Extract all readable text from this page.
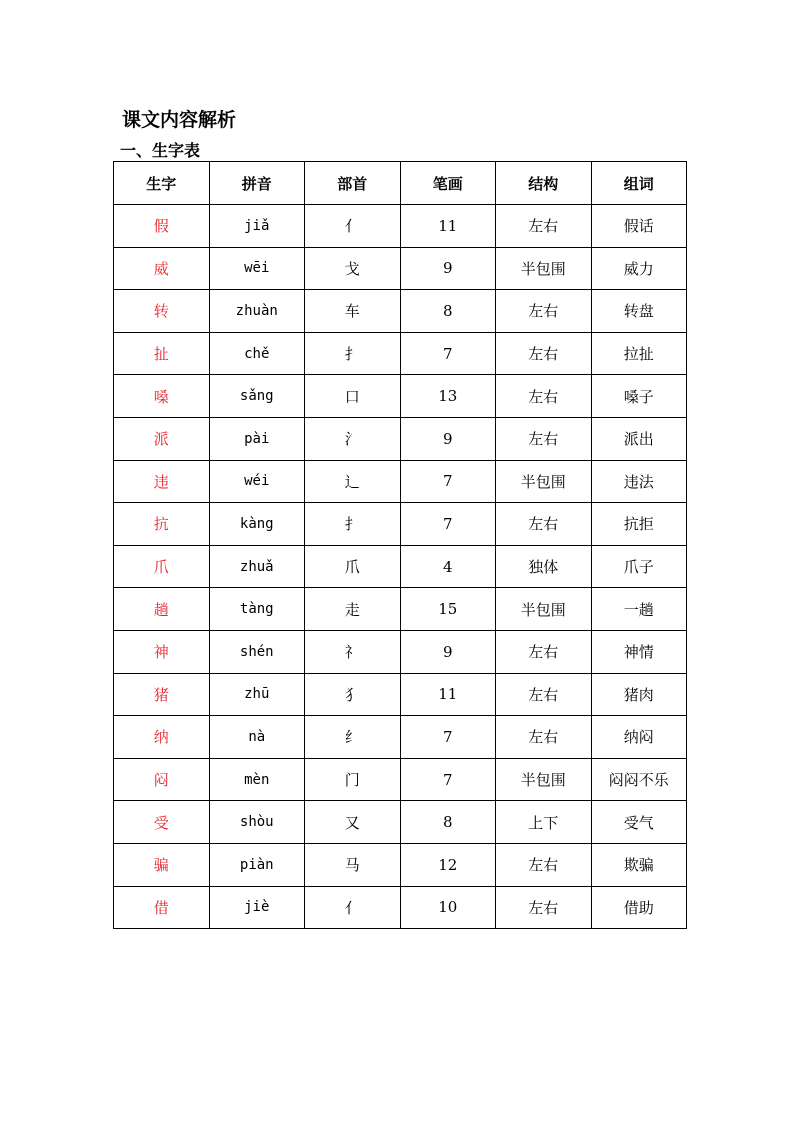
课文内容解析
一、生字表
生字	拼音	部首	笔画	结构	组词
假	jiǎ	亻	11	左右	假话
威	wēi	戈	9	半包围	威力
转	zhuàn	车	8	左右	转盘
扯	chě	扌	7	左右	拉扯
嗓	sǎng	口	13	左右	嗓子
派	pài	氵	9	左右	派出
违	wéi	辶	7	半包围	违法
抗	kàng	扌	7	左右	抗拒
爪	zhuǎ	爪	4	独体	爪子
趟	tàng	走	15	半包围	一趟
神	shén	礻	9	左右	神情
猪	zhū	犭	11	左右	猪肉
纳	nà	纟	7	左右	纳闷
闷	mèn	门	7	半包围	闷闷不乐
受	shòu	又	8	上下	受气
骗	piàn	马	12	左右	欺骗
借	jiè	亻	10	左右	借助
